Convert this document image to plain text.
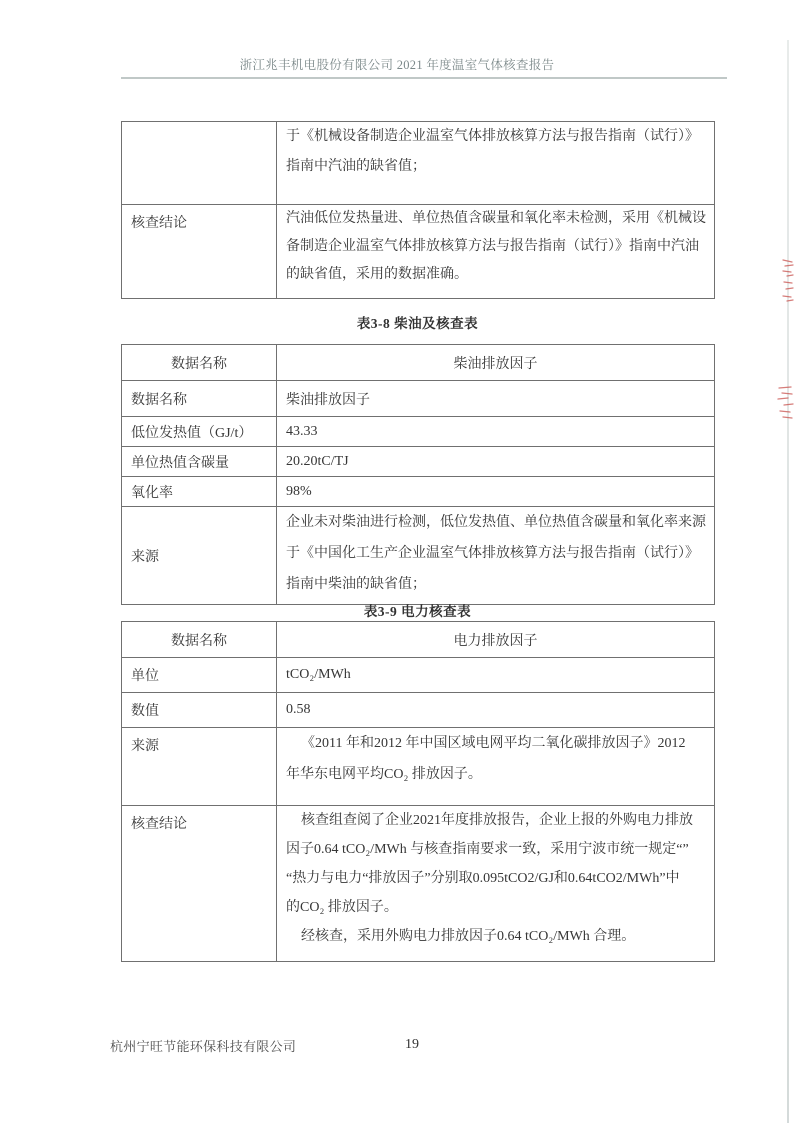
浙江兆丰机电股份有限公司 2021 年度温室气体核查报告

	于《机械设备制造企业温室气体排放核算方法与报告指南（试行）》
指南中汽油的缺省值；

核查结论	汽油低位发热量进、单位热值含碳量和氧化率未检测，采用《机械设
备制造企业温室气体排放核算方法与报告指南（试行）》指南中汽油
的缺省值，采用的数据准确。
表3-8 柴油及核查表
数据名称	柴油排放因子
数据名称	柴油排放因子
低位发热值（GJ/t）	43.33
单位热值含碳量	20.20tC/TJ
氧化率	98%
来源	企业未对柴油进行检测，低位发热值、单位热值含碳量和氧化率来源
于《中国化工生产企业温室气体排放核算方法与报告指南（试行）》
指南中柴油的缺省值；
表3-9 电力核查表
数据名称	电力排放因子
单位	tCO₂/MWh
数值	0.58
来源	《2011 年和2012 年中国区域电网平均二氧化碳排放因子》2012
年华东电网平均CO₂ 排放因子。

核查结论	核查组查阅了企业2021年度排放报告，企业上报的外购电力排放
因子0.64 tCO₂/MWh 与核查指南要求一致，采用宁波市统一规定“”
“热力与电力“排放因子”分别取0.095tCO2/GJ和0.64tCO2/MWh”中
的CO₂ 排放因子。
经核查，采用外购电力排放因子0.64 tCO₂/MWh 合理。
杭州宁旺节能环保科技有限公司	19
